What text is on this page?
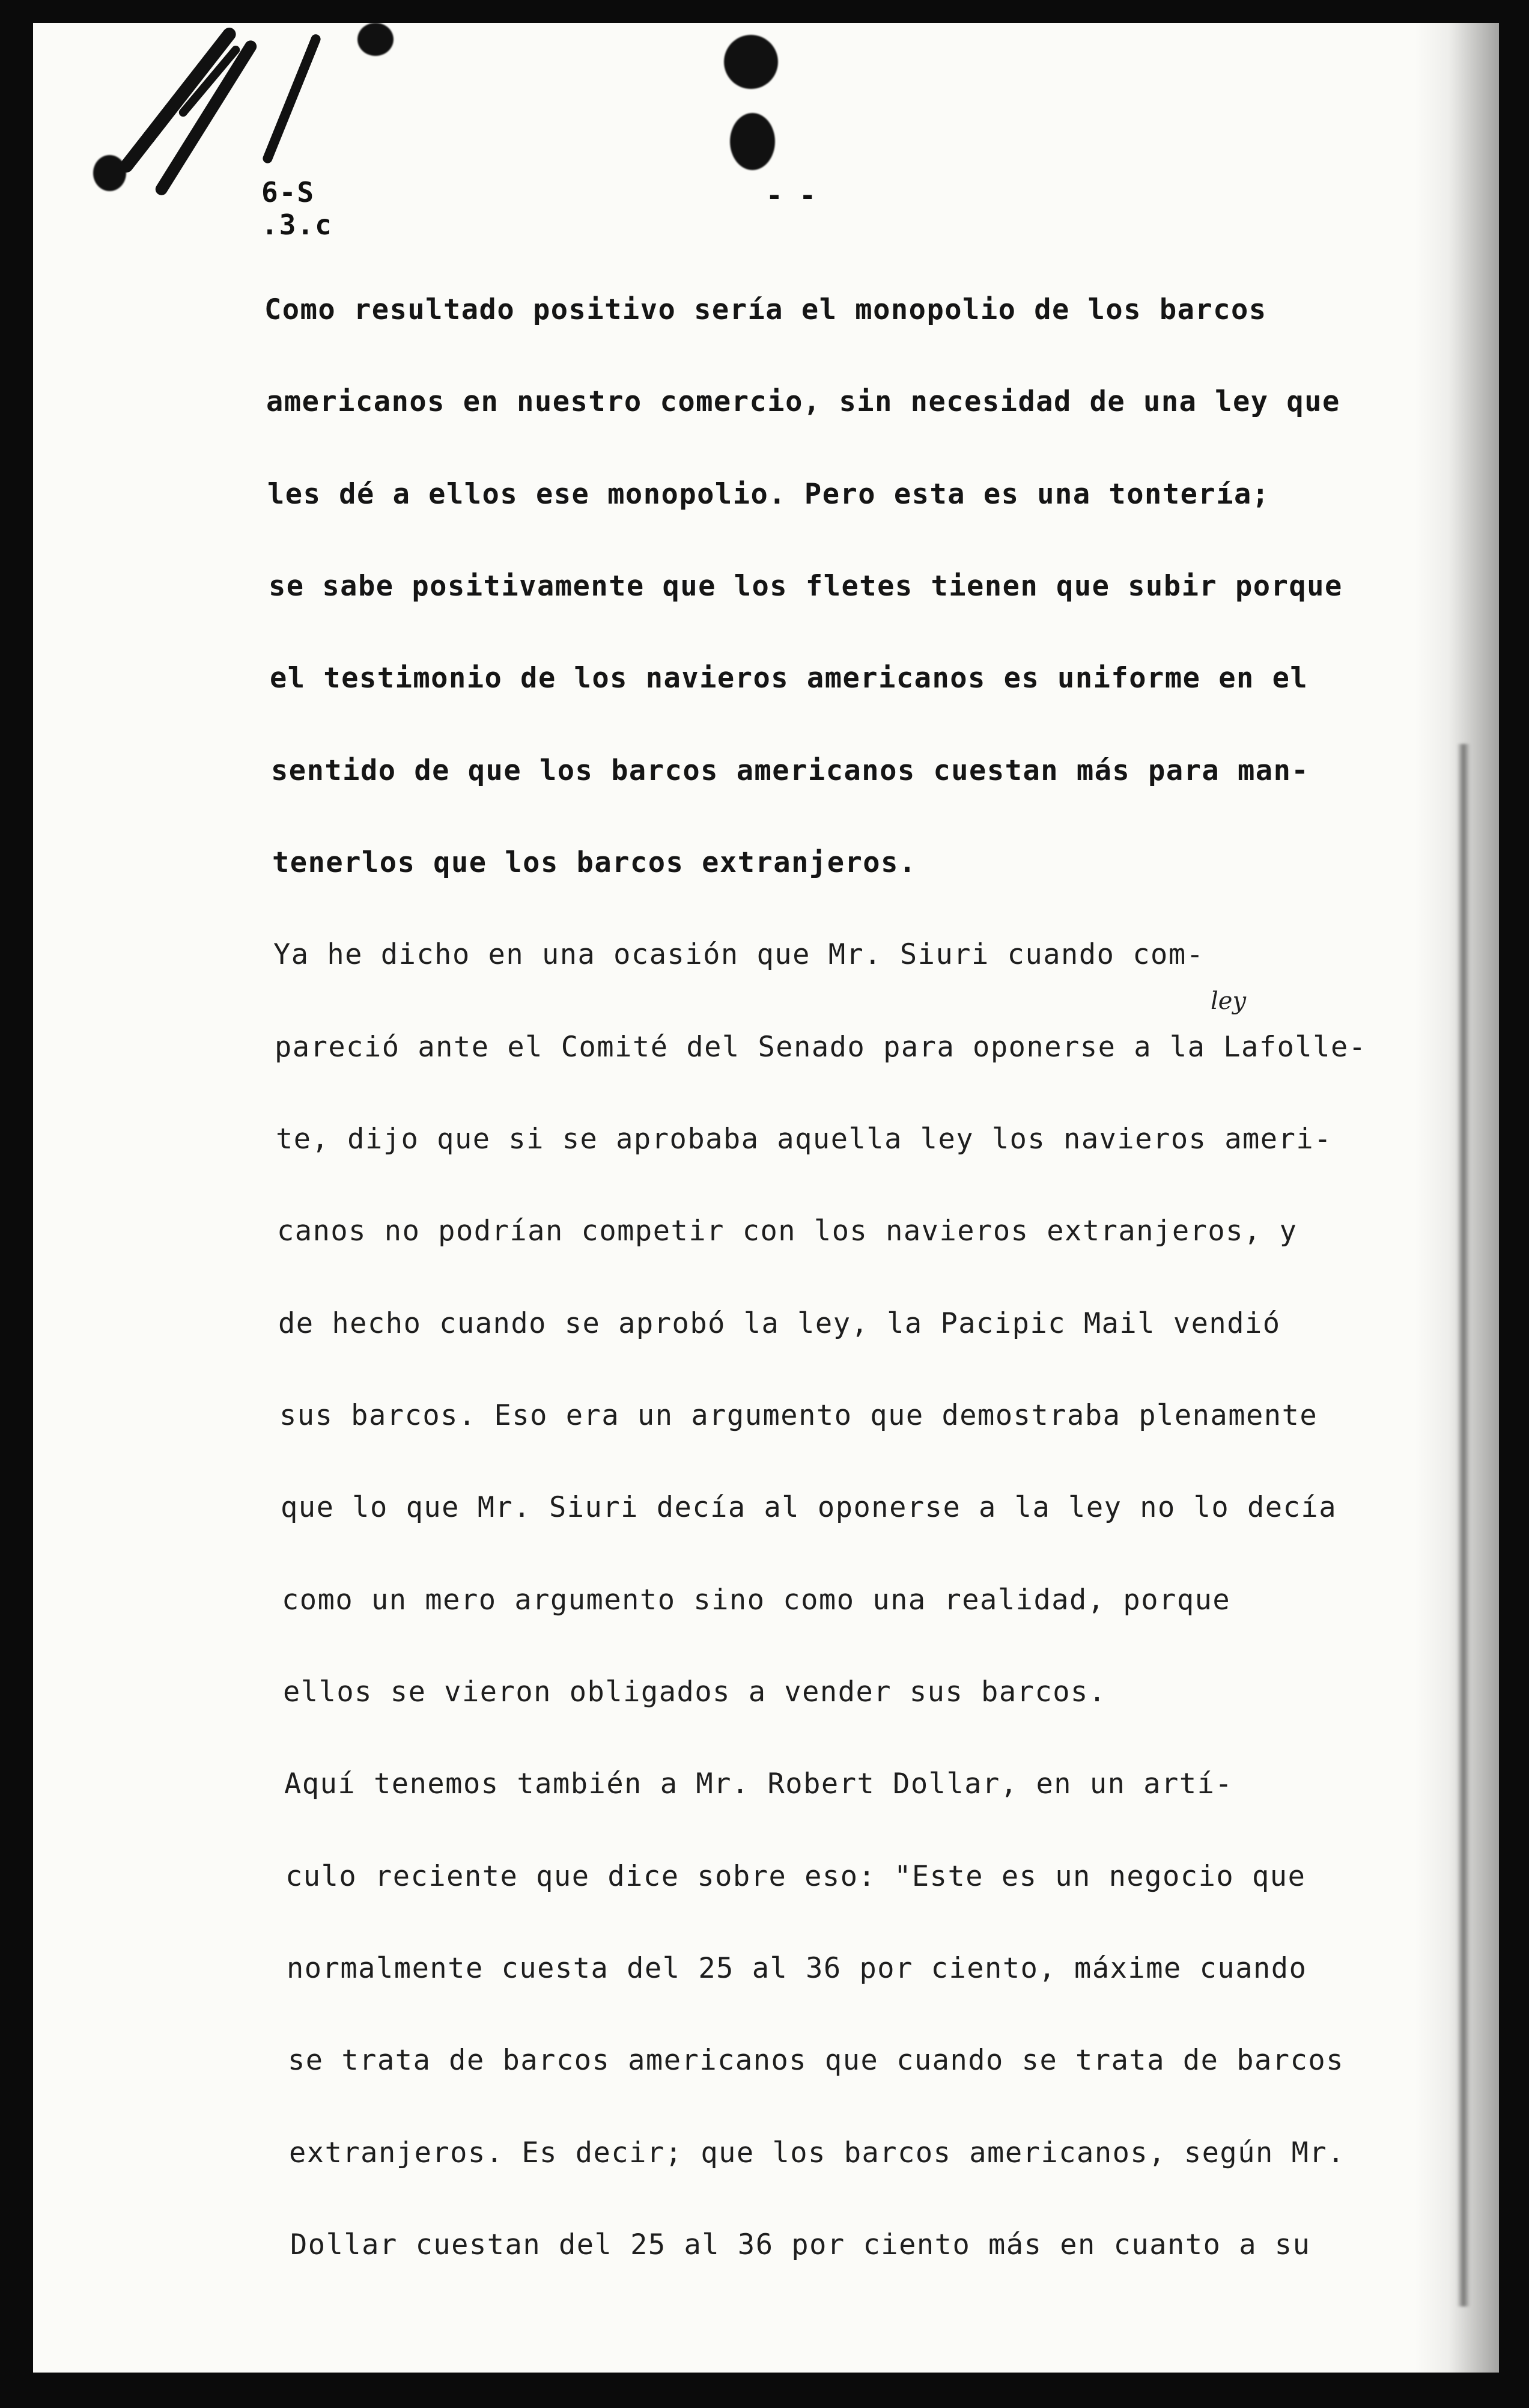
6-S
.3.c
- -
ley
Como resultado positivo sería el monopolio de los barcos
americanos en nuestro comercio, sin necesidad de una ley que
les dé a ellos ese monopolio. Pero esta es una tontería;
se sabe positivamente que los fletes tienen que subir porque
el testimonio de los navieros americanos es uniforme en el
sentido de que los barcos americanos cuestan más para man-
tenerlos que los barcos extranjeros.
Ya he dicho en una ocasión que Mr. Siuri cuando com-
pareció ante el Comité del Senado para oponerse a la Lafolle-
te, dijo que si se aprobaba aquella ley los navieros ameri-
canos no podrían competir con los navieros extranjeros, y
de hecho cuando se aprobó la ley, la Pacipic Mail vendió
sus barcos. Eso era un argumento que demostraba plenamente
que lo que Mr. Siuri decía al oponerse a la ley no lo decía
como un mero argumento sino como una realidad, porque
ellos se vieron obligados a vender sus barcos.
Aquí tenemos también a Mr. Robert Dollar, en un artí-
culo reciente que dice sobre eso: "Este es un negocio que
normalmente cuesta del 25 al 36 por ciento, máxime cuando
se trata de barcos americanos que cuando se trata de barcos
extranjeros. Es decir; que los barcos americanos, según Mr.
Dollar cuestan del 25 al 36 por ciento más en cuanto a su
